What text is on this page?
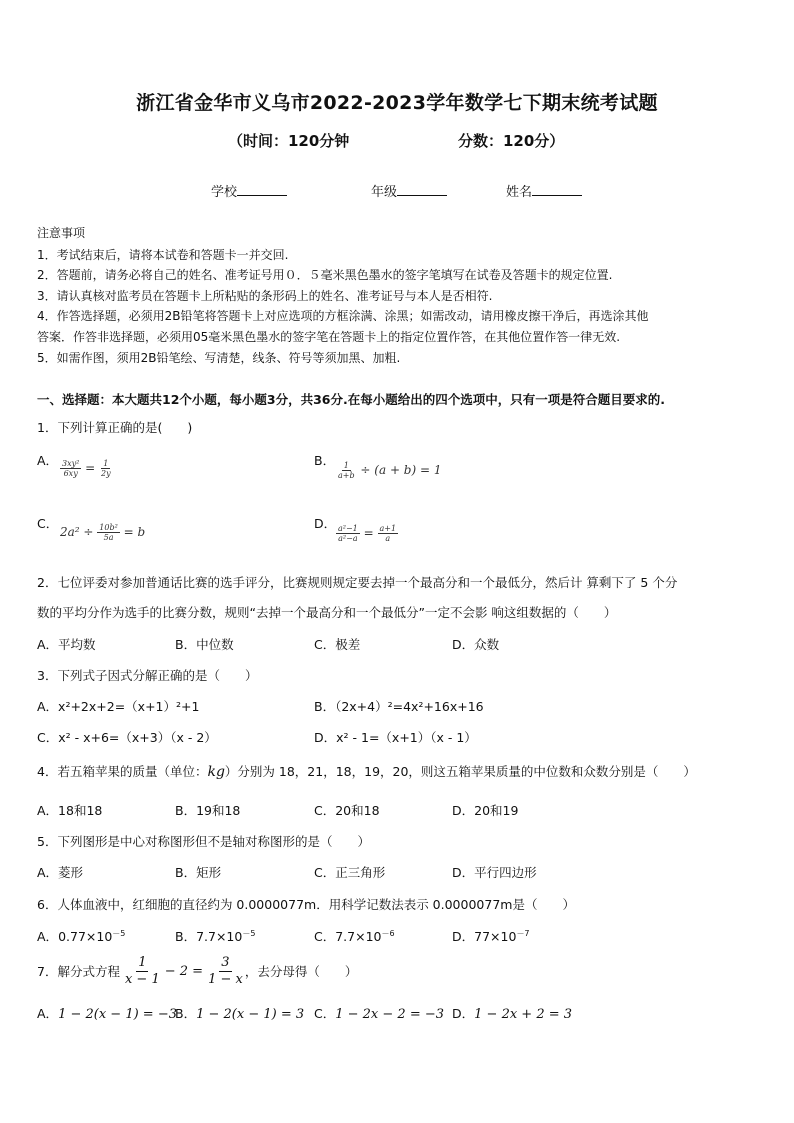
浙江省金华市义乌市2022-2023学年数学七下期末统考试题
（时间：120分钟	分数：120分）
学校	年级	姓名
注意事项
1．考试结束后，请将本试卷和答题卡一并交回.
2．答题前，请务必将自己的姓名、准考证号用０．５毫米黑色墨水的签字笔填写在试卷及答题卡的规定位置.
3．请认真核对监考员在答题卡上所粘贴的条形码上的姓名、准考证号与本人是否相符.
4．作答选择题，必须用2B铅笔将答题卡上对应选项的方框涂满、涂黑；如需改动，请用橡皮擦干净后，再选涂其他
答案．作答非选择题，必须用05毫米黑色墨水的签字笔在答题卡上的指定位置作答，在其他位置作答一律无效.
5．如需作图，须用2B铅笔绘、写清楚，线条、符号等须加黑、加粗.
一、选择题：本大题共12个小题，每小题3分，共36分.在每小题给出的四个选项中，只有一项是符合题目要求的.
1．下列计算正确的是(　　)
A． $\frac{\text{3xy²}}{6xy} = \frac{1}{2y}$	B．
$\frac{1}{a+b} \div (a + b) = 1$
C．
$2a^2 \div \frac{\text{10b²}}{5a} = b$
D．
$\frac{\text{a²−1}}{\text{a²−a}} = \frac{a+1}{a}$
2．七位评委对参加普通话比赛的选手评分，比赛规则规定要去掉一个最高分和一个最低分，然后计 算剩下了 5 个分
数的平均分作为选手的比赛分数，规则“去掉一个最高分和一个最低分”一定不会影 响这组数据的（　　）
A．平均数	B．中位数	C．极差	D．众数
3．下列式子因式分解正确的是（　　）
A．x²+2x+2=（x+1）²+1	B．（2x+4）²=4x²+16x+16
C．x² - x+6=（x+3）（x - 2）	D．x² - 1=（x+1）（x - 1）
4．若五箱苹果的质量（单位：kg）分别为 18，21，18，19，20，则这五箱苹果质量的中位数和众数分别是（　　）
A．18和18	B．19和18	C．20和18	D．20和19
5．下列图形是中心对称图形但不是轴对称图形的是（　　）
A．菱形	B．矩形	C．正三角形	D．平行四边形
6．人体血液中，红细胞的直径约为 0.0000077m．用科学记数法表示 0.0000077m是（　　）
A．$0.77\times 10^{-5}$	B．$7.7\times 10^{-5}$	C．$7.7\times 10^{-6}$	D．$77\times 10^{-7}$
7．解分式方程 $\frac{1}{x - 1} - 2 = \frac{3}{1 - x}$ ，去分母得（　　）
A．1 − 2(x − 1) = −3
B．1 − 2(x − 1) = 3 C．1 − 2x − 2 = −3 D．1 − 2x + 2 = 3
